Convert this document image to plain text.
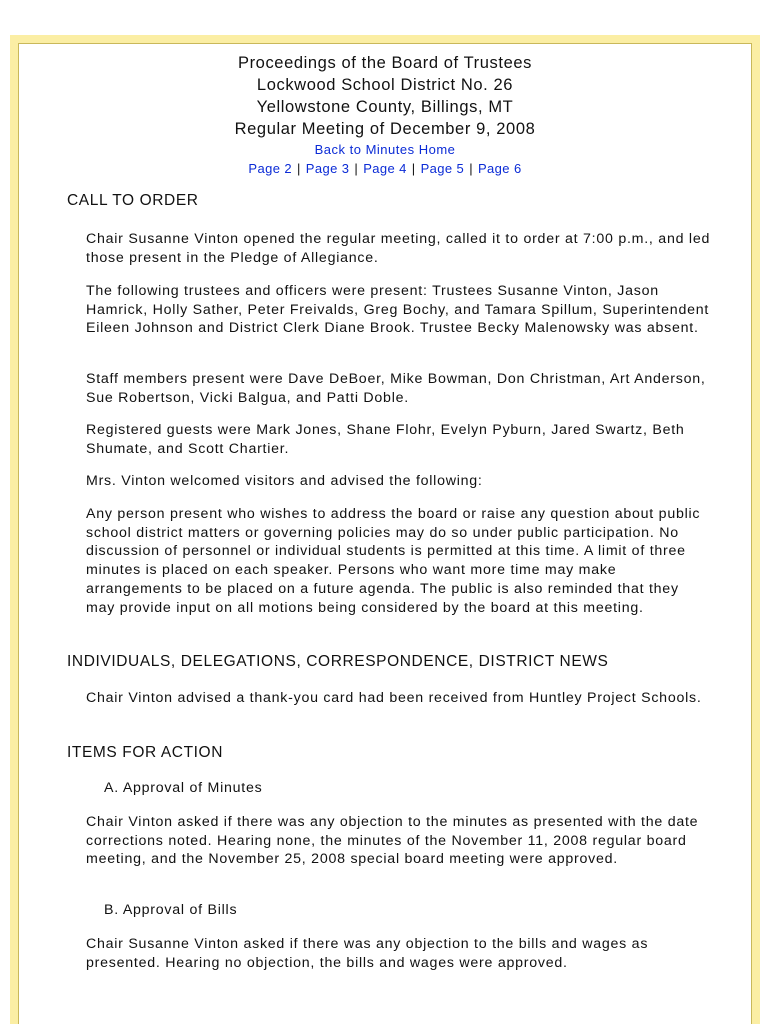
Proceedings of the Board of Trustees
Lockwood School District No. 26
Yellowstone County, Billings, MT
Regular Meeting of December 9, 2008
Back to Minutes Home
Page 2 | Page 3 | Page 4 | Page 5 | Page 6
CALL TO ORDER
Chair Susanne Vinton opened the regular meeting, called it to order at 7:00 p.m., and led those present in the Pledge of Allegiance.
The following trustees and officers were present: Trustees Susanne Vinton, Jason Hamrick, Holly Sather, Peter Freivalds, Greg Bochy, and Tamara Spillum, Superintendent Eileen Johnson and District Clerk Diane Brook. Trustee Becky Malenowsky was absent.
Staff members present were Dave DeBoer, Mike Bowman, Don Christman, Art Anderson, Sue Robertson, Vicki Balgua, and Patti Doble.
Registered guests were Mark Jones, Shane Flohr, Evelyn Pyburn, Jared Swartz, Beth Shumate, and Scott Chartier.
Mrs. Vinton welcomed visitors and advised the following:
Any person present who wishes to address the board or raise any question about public school district matters or governing policies may do so under public participation. No discussion of personnel or individual students is permitted at this time. A limit of three minutes is placed on each speaker. Persons who want more time may make arrangements to be placed on a future agenda. The public is also reminded that they may provide input on all motions being considered by the board at this meeting.
INDIVIDUALS, DELEGATIONS, CORRESPONDENCE, DISTRICT NEWS
Chair Vinton advised a thank-you card had been received from Huntley Project Schools.
ITEMS FOR ACTION
A. Approval of Minutes
Chair Vinton asked if there was any objection to the minutes as presented with the date corrections noted. Hearing none, the minutes of the November 11, 2008 regular board meeting, and the November 25, 2008 special board meeting were approved.
B. Approval of Bills
Chair Susanne Vinton asked if there was any objection to the bills and wages as presented. Hearing no objection, the bills and wages were approved.
